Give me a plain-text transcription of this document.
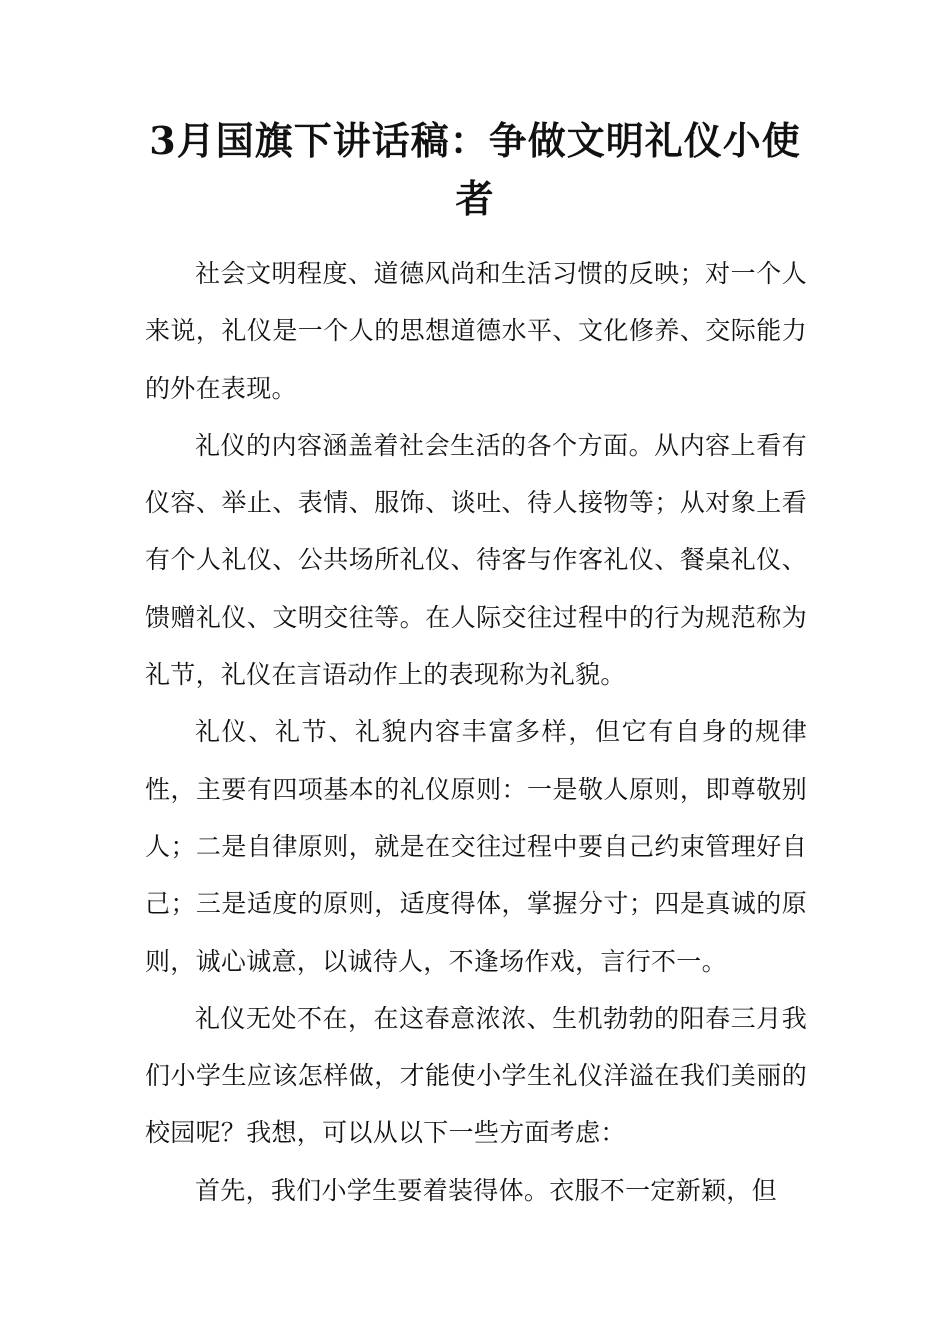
3月国旗下讲话稿：争做文明礼仪小使者

社会文明程度、道德风尚和生活习惯的反映；对一个人来说，礼仪是一个人的思想道德水平、文化修养、交际能力的外在表现。

礼仪的内容涵盖着社会生活的各个方面。从内容上看有仪容、举止、表情、服饰、谈吐、待人接物等；从对象上看有个人礼仪、公共场所礼仪、待客与作客礼仪、餐桌礼仪、馈赠礼仪、文明交往等。在人际交往过程中的行为规范称为礼节，礼仪在言语动作上的表现称为礼貌。

礼仪、礼节、礼貌内容丰富多样，但它有自身的规律性，主要有四项基本的礼仪原则：一是敬人原则，即尊敬别人；二是自律原则，就是在交往过程中要自己约束管理好自己；三是适度的原则，适度得体，掌握分寸；四是真诚的原则，诚心诚意，以诚待人，不逢场作戏，言行不一。

礼仪无处不在，在这春意浓浓、生机勃勃的阳春三月我们小学生应该怎样做，才能使小学生礼仪洋溢在我们美丽的校园呢？我想，可以从以下一些方面考虑：

首先，我们小学生要着装得体。衣服不一定新颖，但
